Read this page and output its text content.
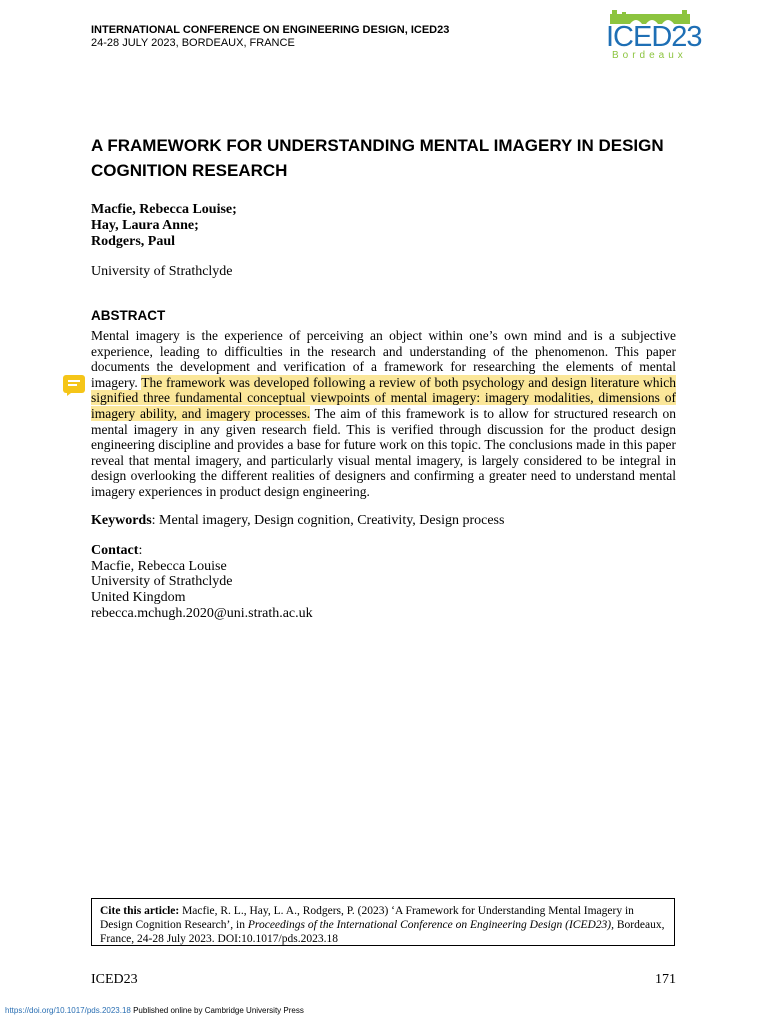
INTERNATIONAL CONFERENCE ON ENGINEERING DESIGN, ICED23
24-28 JULY 2023, BORDEAUX, FRANCE	ICED23
Bordeaux
A FRAMEWORK FOR UNDERSTANDING MENTAL IMAGERY IN DESIGN COGNITION RESEARCH
Macfie, Rebecca Louise;
Hay, Laura Anne;
Rodgers, Paul
University of Strathclyde
ABSTRACT

Mental imagery is the experience of perceiving an object within one’s own mind and is a subjective experience, leading to difficulties in the research and understanding of the phenomenon. This paper documents the development and verification of a framework for researching the elements of mental imagery. The framework was developed following a review of both psychology and design literature which signified three fundamental conceptual viewpoints of mental imagery: imagery modalities, dimensions of imagery ability, and imagery processes. The aim of this framework is to allow for structured research on mental imagery in any given research field. This is verified through discussion for the product design engineering discipline and provides a base for future work on this topic. The conclusions made in this paper reveal that mental imagery, and particularly visual mental imagery, is largely considered to be integral in design overlooking the different realities of designers and confirming a greater need to understand mental imagery experiences in product design engineering.

Keywords: Mental imagery, Design cognition, Creativity, Design process
Contact:
Macfie, Rebecca Louise
University of Strathclyde
United Kingdom
rebecca.mchugh.2020@uni.strath.ac.uk
Cite this article: Macfie, R. L., Hay, L. A., Rodgers, P. (2023) ‘A Framework for Understanding Mental Imagery in Design Cognition Research’, in Proceedings of the International Conference on Engineering Design (ICED23), Bordeaux, France, 24-28 July 2023. DOI:10.1017/pds.2023.18
ICED23	171
https://doi.org/10.1017/pds.2023.18 Published online by Cambridge University Press
